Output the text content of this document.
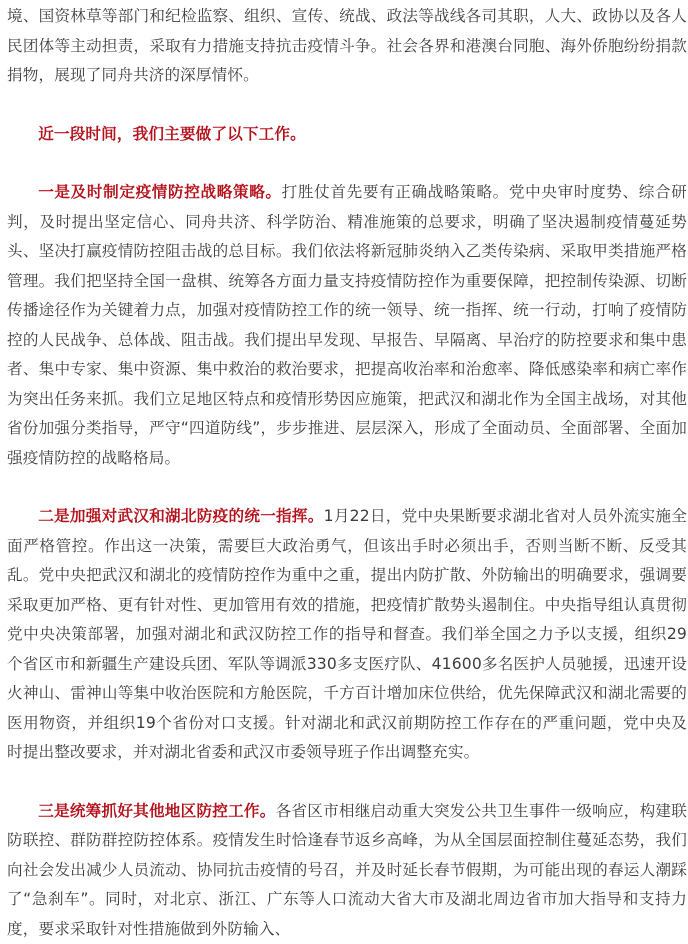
境、国资林草等部门和纪检监察、组织、宣传、统战、政法等战线各司其职，人大、政协以及各人民团体等主动担责，采取有力措施支持抗击疫情斗争。社会各界和港澳台同胞、海外侨胞纷纷捐款捐物，展现了同舟共济的深厚情怀。

近一段时间，我们主要做了以下工作。

一是及时制定疫情防控战略策略。打胜仗首先要有正确战略策略。党中央审时度势、综合研判，及时提出坚定信心、同舟共济、科学防治、精准施策的总要求，明确了坚决遏制疫情蔓延势头、坚决打赢疫情防控阻击战的总目标。我们依法将新冠肺炎纳入乙类传染病、采取甲类措施严格管理。我们把坚持全国一盘棋、统筹各方面力量支持疫情防控作为重要保障，把控制传染源、切断传播途径作为关键着力点，加强对疫情防控工作的统一领导、统一指挥、统一行动，打响了疫情防控的人民战争、总体战、阻击战。我们提出早发现、早报告、早隔离、早治疗的防控要求和集中患者、集中专家、集中资源、集中救治的救治要求，把提高收治率和治愈率、降低感染率和病亡率作为突出任务来抓。我们立足地区特点和疫情形势因应施策，把武汉和湖北作为全国主战场，对其他省份加强分类指导，严守“四道防线”，步步推进、层层深入，形成了全面动员、全面部署、全面加强疫情防控的战略格局。

二是加强对武汉和湖北防疫的统一指挥。1月22日，党中央果断要求湖北省对人员外流实施全面严格管控。作出这一决策，需要巨大政治勇气，但该出手时必须出手，否则当断不断、反受其乱。党中央把武汉和湖北的疫情防控作为重中之重，提出内防扩散、外防输出的明确要求，强调要采取更加严格、更有针对性、更加管用有效的措施，把疫情扩散势头遏制住。中央指导组认真贯彻党中央决策部署，加强对湖北和武汉防控工作的指导和督查。我们举全国之力予以支援，组织29个省区市和新疆生产建设兵团、军队等调派330多支医疗队、41600多名医护人员驰援，迅速开设火神山、雷神山等集中收治医院和方舱医院，千方百计增加床位供给，优先保障武汉和湖北需要的医用物资，并组织19个省份对口支援。针对湖北和武汉前期防控工作存在的严重问题，党中央及时提出整改要求，并对湖北省委和武汉市委领导班子作出调整充实。

三是统筹抓好其他地区防控工作。各省区市相继启动重大突发公共卫生事件一级响应，构建联防联控、群防群控防控体系。疫情发生时恰逢春节返乡高峰，为从全国层面控制住蔓延态势，我们向社会发出减少人员流动、协同抗击疫情的号召，并及时延长春节假期，为可能出现的春运人潮踩了“急刹车”。同时，对北京、浙江、广东等人口流动大省大市及湖北周边省市加大指导和支持力度，要求采取针对性措施做到外防输入、
